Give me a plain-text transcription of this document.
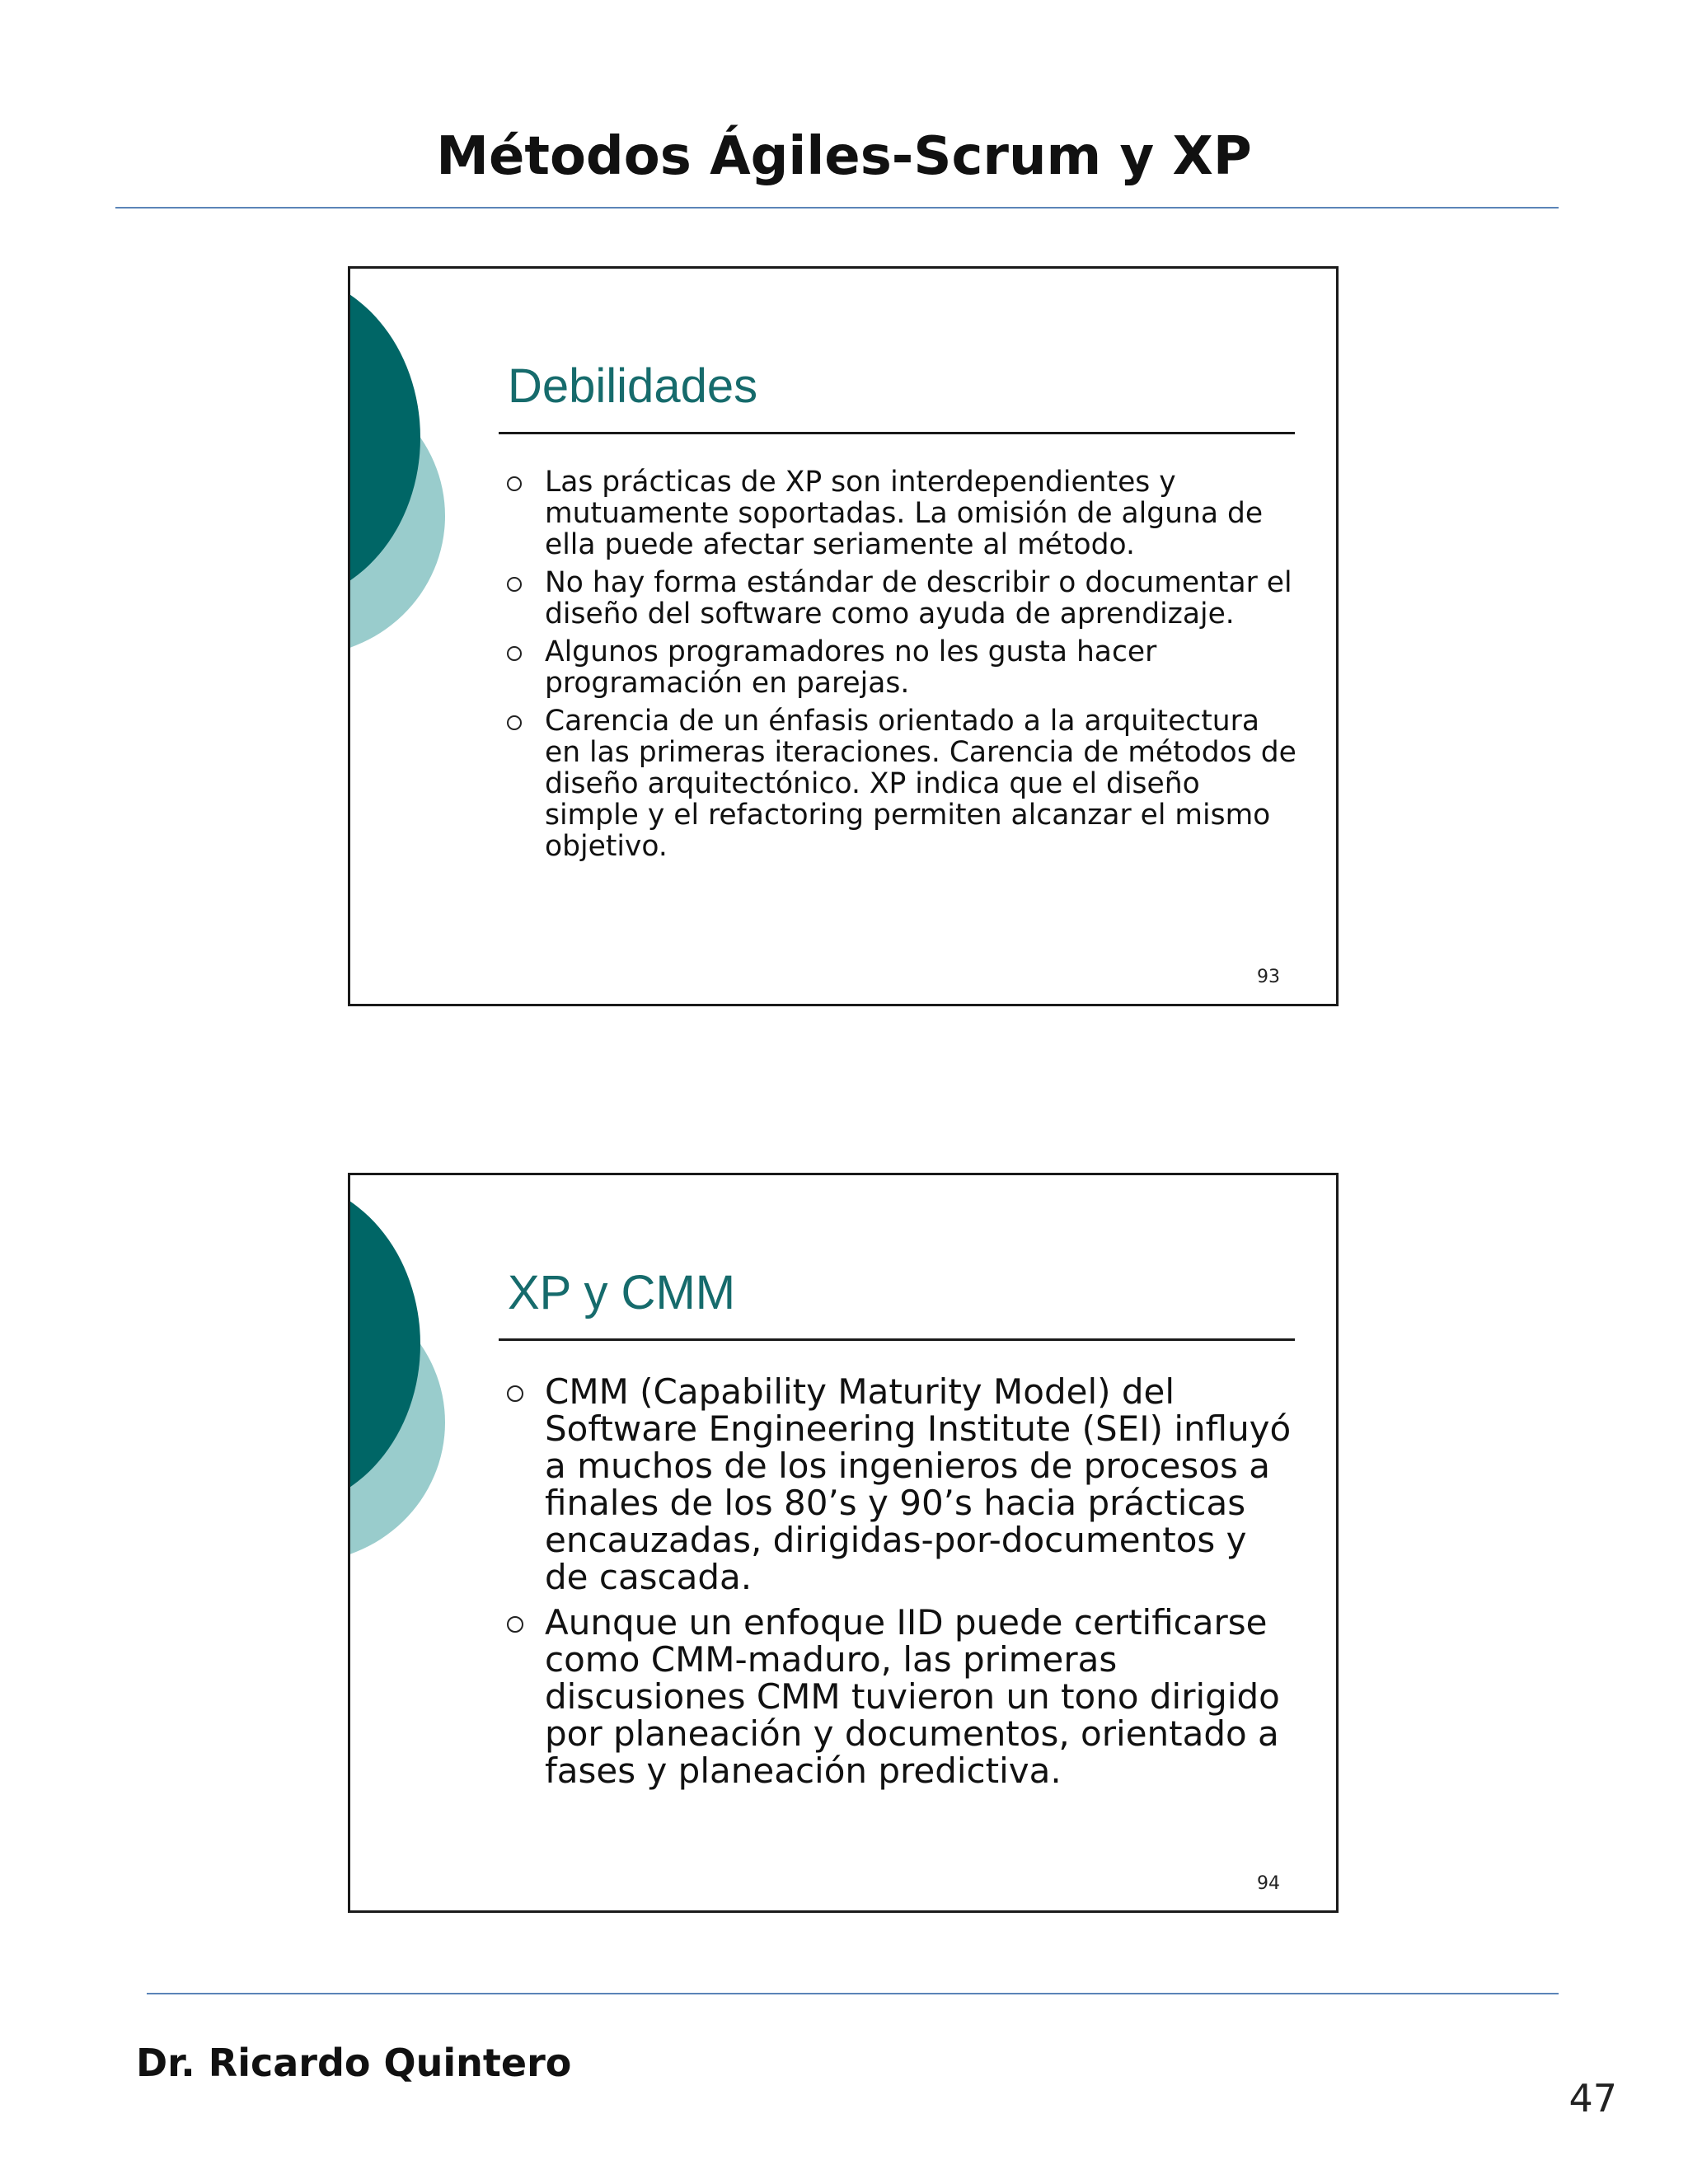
Métodos Ágiles-Scrum y XP
Debilidades
Las prácticas de XP son interdependientes y mutuamente soportadas. La omisión de alguna de ella puede afectar seriamente al método.
No hay forma estándar de describir o documentar el diseño del software como ayuda de aprendizaje.
Algunos programadores no les gusta hacer programación en parejas.
Carencia de un énfasis orientado a la arquitectura en las primeras iteraciones. Carencia de métodos de diseño arquitectónico. XP indica que el diseño simple y el refactoring permiten alcanzar el mismo objetivo.
93
XP y CMM
CMM (Capability Maturity Model) del Software Engineering Institute (SEI) influyó a muchos de los ingenieros de procesos a finales de los 80’s y 90’s hacia prácticas encauzadas, dirigidas-por-documentos y de cascada.
Aunque un enfoque IID puede certificarse como CMM-maduro, las primeras discusiones CMM tuvieron un tono dirigido por planeación y documentos, orientado a fases y planeación predictiva.
94
Dr. Ricardo Quintero
47
